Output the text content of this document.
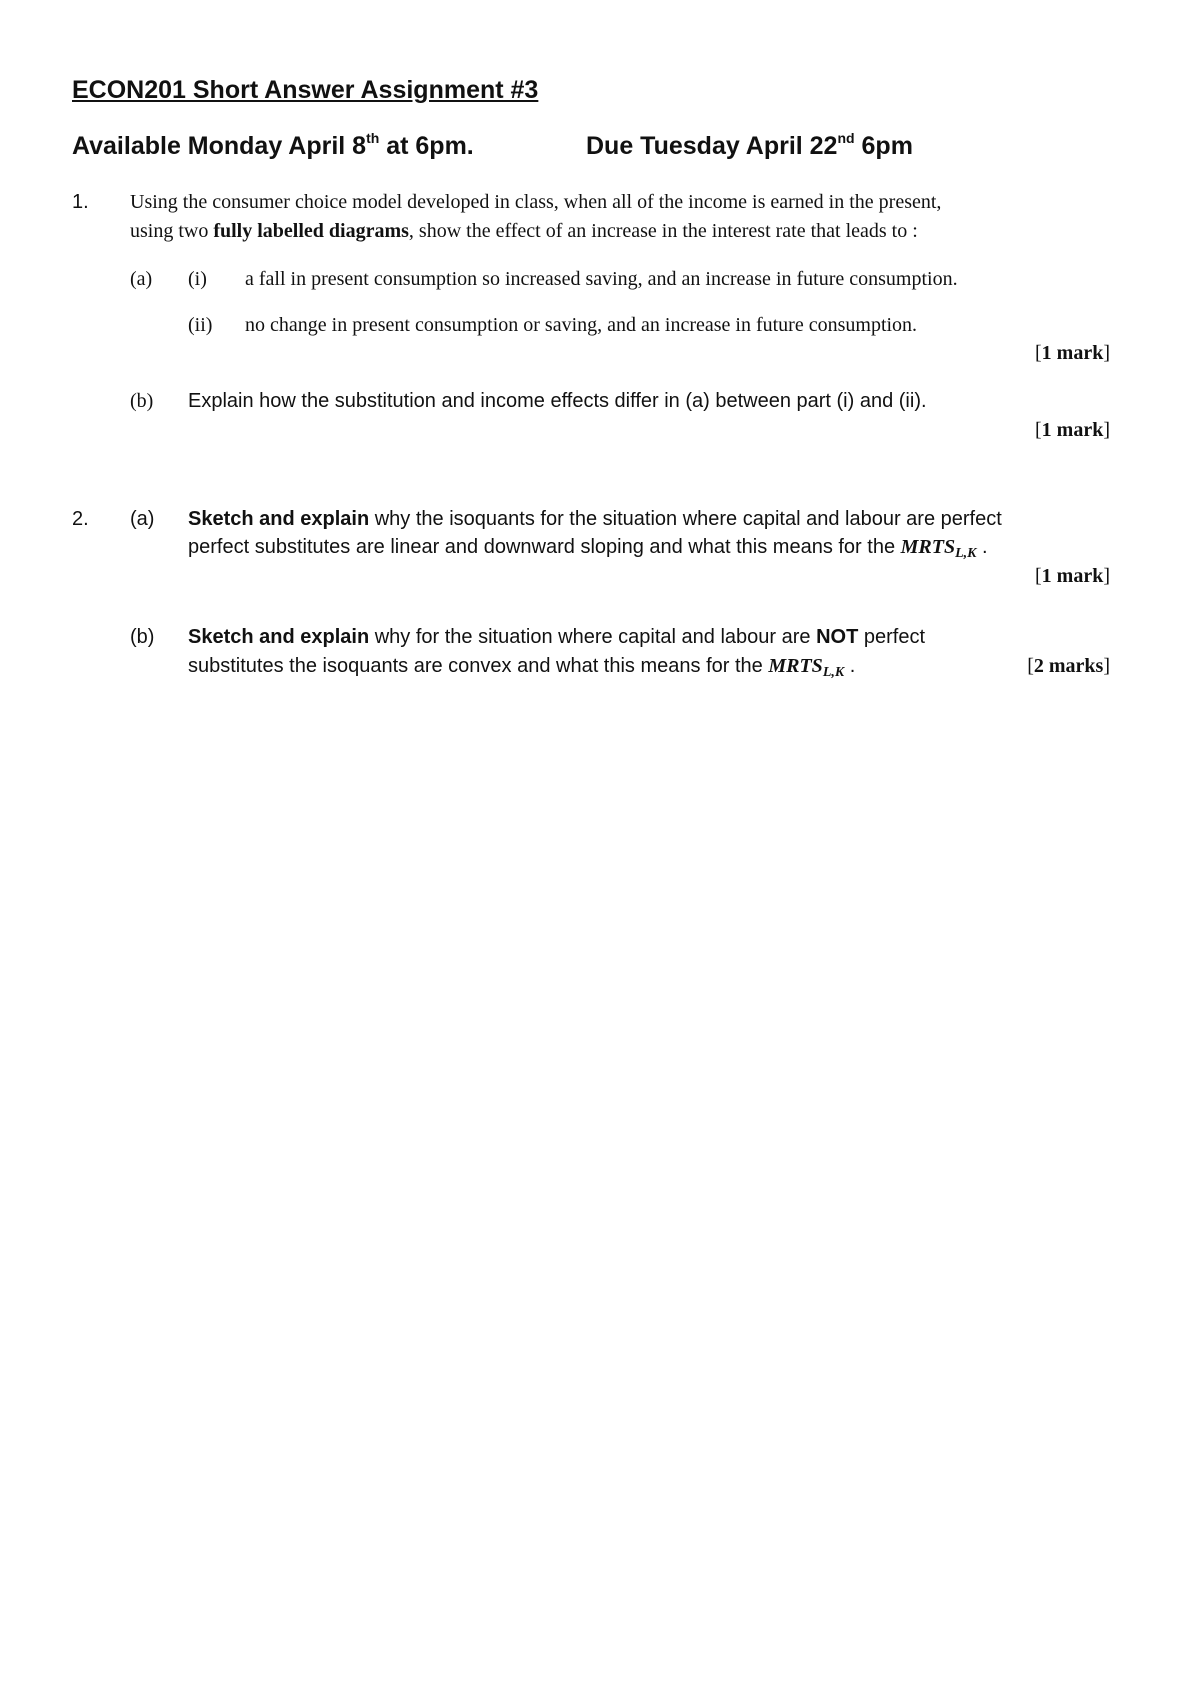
ECON201 Short Answer Assignment #3
Available Monday April 8th at 6pm.	Due Tuesday April 22nd 6pm
1. Using the consumer choice model developed in class, when all of the income is earned in the present,
using two fully labelled diagrams, show the effect of an increase in the interest rate that leads to :
(a) (i) a fall in present consumption so increased saving, and an increase in future consumption.
(ii) no change in present consumption or saving, and an increase in future consumption.
[1 mark]
(b) Explain how the substitution and income effects differ in (a) between part (i) and (ii).
[1 mark]
2. (a) Sketch and explain why the isoquants for the situation where capital and labour are perfect
perfect substitutes are linear and downward sloping and what this means for the $MRTS_{L,K}$ .
[1 mark]
(b) Sketch and explain why for the situation where capital and labour are NOT perfect
substitutes the isoquants are convex and what this means for the $MRTS_{L,K}$ .	[2 marks]
